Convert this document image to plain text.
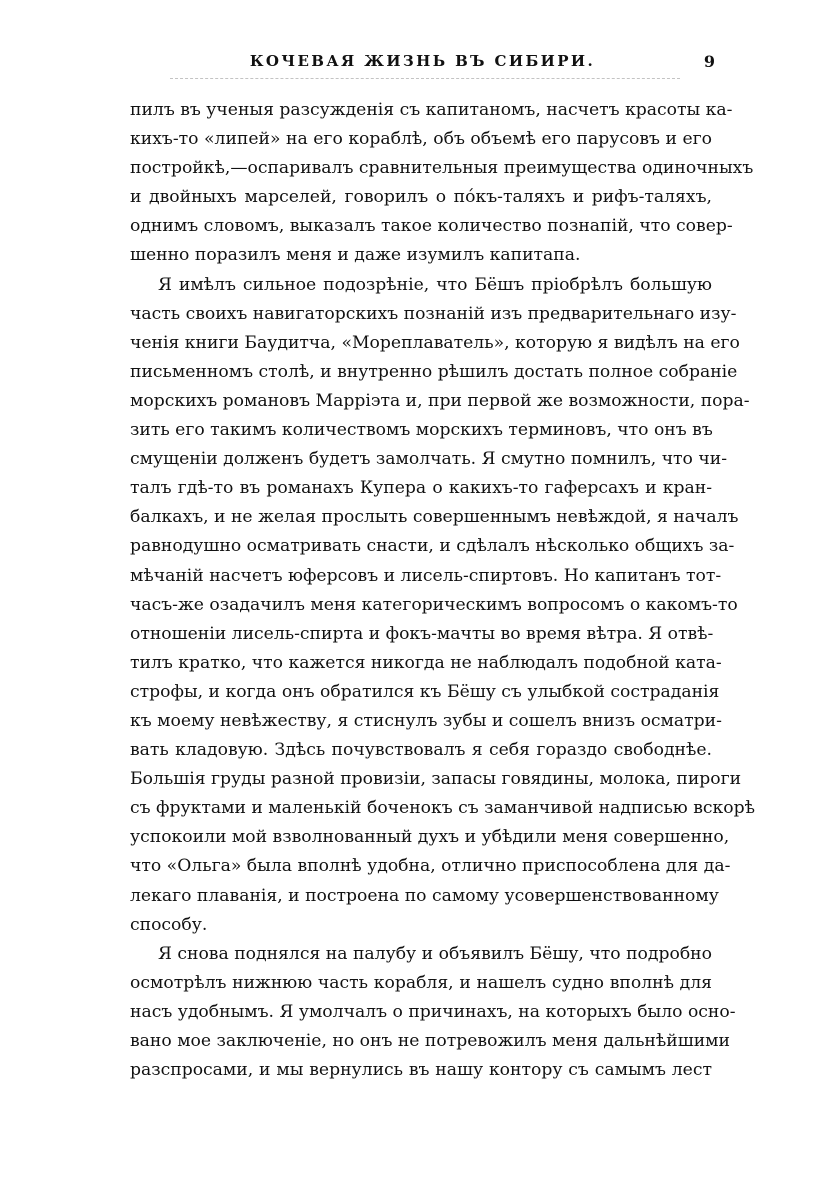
КОЧЕВАЯ ЖИЗНЬ ВЪ СИБИРИ.	9
пилъ въ ученыя разсужденія съ капитаномъ, насчетъ красоты ка-
кихъ-то «липей» на его кораблѣ, объ объемѣ его парусовъ и его
постройкѣ,—оспаривалъ сравнительныя преимущества одиночныхъ
и двойныхъ марселей, говорилъ о пóкъ-таляхъ и рифъ-таляхъ,
однимъ словомъ, выказалъ такое количество познапій, что совер-
шенно поразилъ меня и даже изумилъ капитапа.
Я имѣлъ сильное подозрѣніе, что Бёшъ пріобрѣлъ большую
часть своихъ навигаторскихъ познаній изъ предварительнаго изу-
ченія книги Баудитча, «Мореплаватель», которую я видѣлъ на его
письменномъ столѣ, и внутренно рѣшилъ достать полное собраніе
морскихъ романовъ Марріэта и, при первой же возможности, пора-
зить его такимъ количествомъ морскихъ терминовъ, что онъ въ
смущеніи долженъ будетъ замолчать. Я смутно помнилъ, что чи-
талъ гдѣ-то въ романахъ Купера о какихъ-то гаферсахъ и кран-
балкахъ, и не желая прослыть совершеннымъ невѣждой, я началъ
равнодушно осматривать снасти, и сдѣлалъ нѣсколько общихъ за-
мѣчаній насчетъ юферсовъ и лисель-спиртовъ. Но капитанъ тот-
часъ-же озадачилъ меня категорическимъ вопросомъ о какомъ-то
отношеніи лисель-спирта и фокъ-мачты во время вѣтра. Я отвѣ-
тилъ кратко, что кажется никогда не наблюдалъ подобной ката-
строфы, и когда онъ обратился къ Бёшу съ улыбкой состраданія
къ моему невѣжеству, я стиснулъ зубы и сошелъ внизъ осматри-
вать кладовую. Здѣсь почувствовалъ я себя гораздо свободнѣе.
Большія груды разной провизіи, запасы говядины, молока, пироги
съ фруктами и маленькій боченокъ съ заманчивой надписью вскорѣ
успокоили мой взволнованный духъ и убѣдили меня совершенно,
что «Ольга» была вполнѣ удобна, отлично приспособлена для да-
лекаго плаванія, и построена по самому усовершенствованному
способу.
Я снова поднялся на палубу и объявилъ Бёшу, что подробно
осмотрѣлъ нижнюю часть корабля, и нашелъ судно вполнѣ для
насъ удобнымъ. Я умолчалъ о причинахъ, на которыхъ было осно-
вано мое заключеніе, но онъ не потревожилъ меня дальнѣйшими
разспросами, и мы вернулись въ нашу контору съ самымъ лест
